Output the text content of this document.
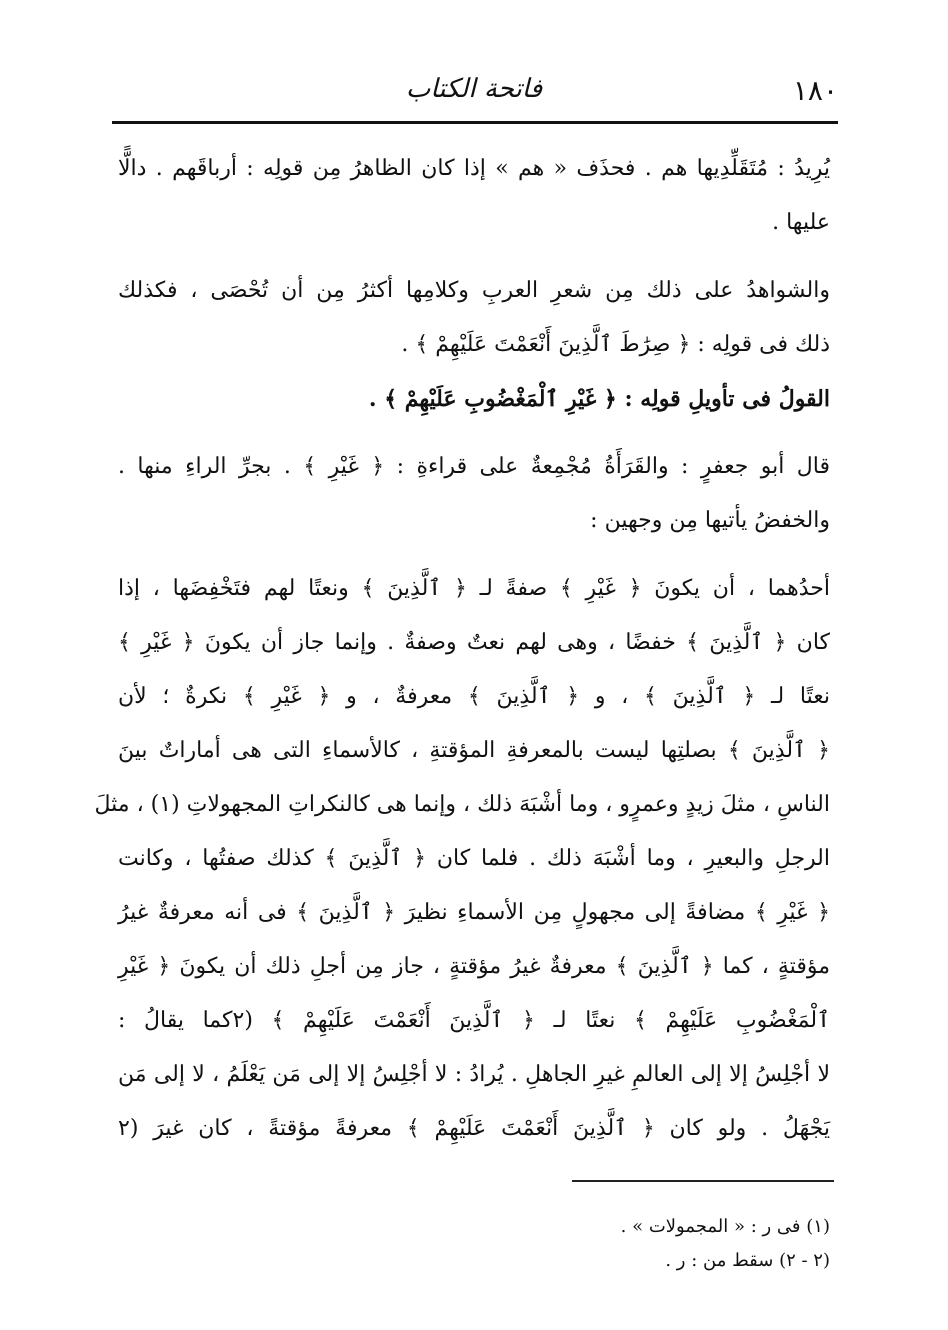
١٨٠
فاتحة الكتاب
يُرِيدُ : مُتَقَلِّدِيها هم . فحذَف « هم » إذا كان الظاهرُ مِن قولِه : أرباقَهم . دالًّا
عليها .
والشواهدُ على ذلك مِن شعرِ العربِ وكلامِها أكثرُ مِن أن تُحْصَى ، فكذلك
ذلك فى قولِه : ﴿ صِرَٰطَ ٱلَّذِينَ أَنْعَمْتَ عَلَيْهِمْ ﴾ .
القولُ فى تأويلِ قولِه : ﴿ غَيْرِ ٱلْمَغْضُوبِ عَلَيْهِمْ ﴾ .
قال أبو جعفرٍ : والقَرَأَةُ مُجْمِعةٌ على قراءةِ : ﴿ غَيْرِ ﴾ . بجرِّ الراءِ منها .
والخفضُ يأتيها مِن وجهين :
أحدُهما ، أن يكونَ ﴿ غَيْرِ ﴾ صفةً لـ ﴿ ٱلَّذِينَ ﴾ ونعتًا لهم فتَخْفِضَها ، إذا
كان ﴿ ٱلَّذِينَ ﴾ خفضًا ، وهى لهم نعتٌ وصفةٌ . وإنما جاز أن يكونَ ﴿ غَيْرِ ﴾
نعتًا لـ ﴿ ٱلَّذِينَ ﴾ ، و ﴿ ٱلَّذِينَ ﴾ معرفةٌ ، و ﴿ غَيْرِ ﴾ نكرةٌ ؛ لأن
﴿ ٱلَّذِينَ ﴾ بصلتِها ليست بالمعرفةِ المؤقتةِ ، كالأسماءِ التى هى أماراتٌ بينَ
الناسِ ، مثلَ زيدٍ وعمرٍو ، وما أشْبَهَ ذلك ، وإنما هى كالنكراتِ المجهولاتِ (١) ، مثلَ
الرجلِ والبعيرِ ، وما أشْبَهَ ذلك . فلما كان ﴿ ٱلَّذِينَ ﴾ كذلك صفتُها ، وكانت
﴿ غَيْرِ ﴾ مضافةً إلى مجهولٍ مِن الأسماءِ نظيرَ ﴿ ٱلَّذِينَ ﴾ فى أنه معرفةٌ غيرُ
مؤقتةٍ ، كما ﴿ ٱلَّذِينَ ﴾ معرفةٌ غيرُ مؤقتةٍ ، جاز مِن أجلِ ذلك أن يكونَ ﴿ غَيْرِ
ٱلْمَغْضُوبِ عَلَيْهِمْ ﴾ نعتًا لـ ﴿ ٱلَّذِينَ أَنْعَمْتَ عَلَيْهِمْ ﴾ (٢كما يقالُ :
لا أجْلِسُ إلا إلى العالمِ غيرِ الجاهلِ . يُرادُ : لا أجْلِسُ إلا إلى مَن يَعْلَمُ ، لا إلى مَن
يَجْهَلُ . ولو كان ﴿ ٱلَّذِينَ أَنْعَمْتَ عَلَيْهِمْ ﴾ معرفةً مؤقتةً ، كان غيرَ (٢
(١) فى ر : « المجمولات » .
(٢ - ٢) سقط من : ر .
